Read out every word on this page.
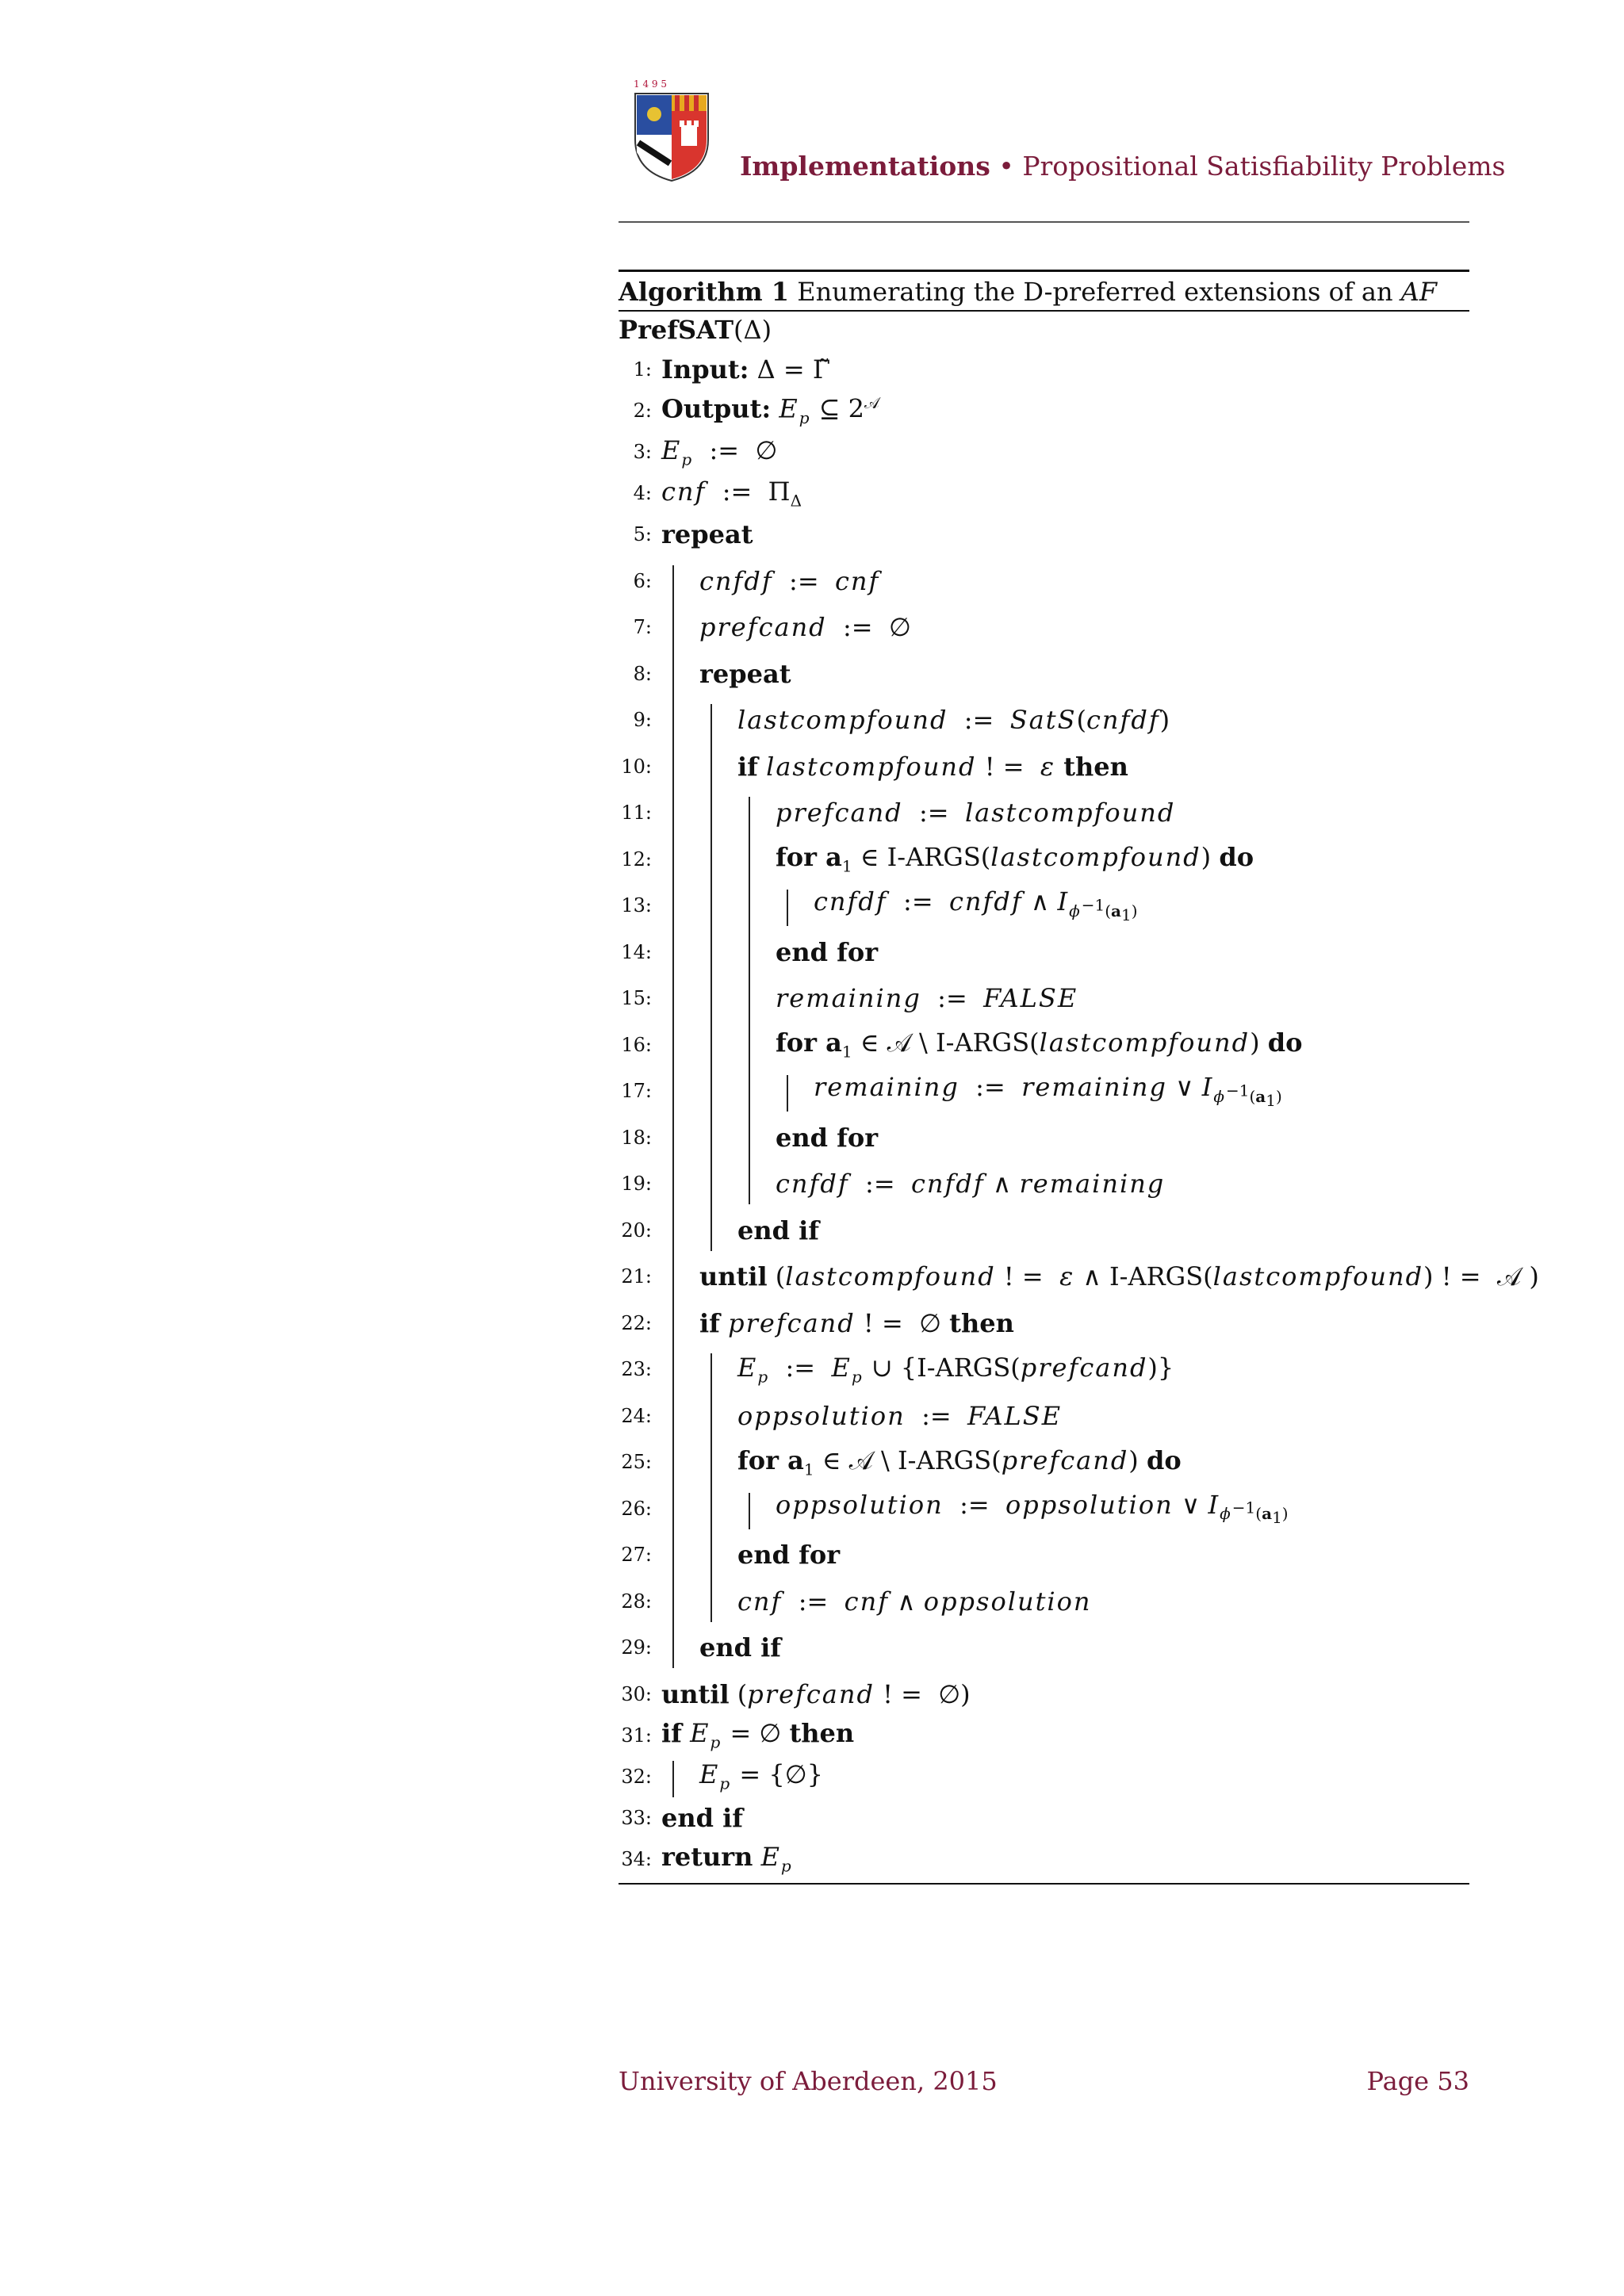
1 4 9 5
Implementations • Propositional Satisfiability Problems
Algorithm 1 Enumerating the D-preferred extensions of an AF
PrefSAT(Δ)
1: Input: Δ = Γ̃
2: Output: $E_p$ ⊆ $2^𝒜$
3: $E_p$  :=  ∅
4: cnf  :=  $\Pi_\Delta$
5: repeat
6: cnfdf  :=  cnf
7: prefcand  :=  ∅
8: repeat
9:	lastcompfound  :=  SatS(cnfdf)
10:	if lastcompfound ! =  ε then
11:	prefcand  :=  lastcompfound
12:	for $a_1$ ∈ I-ARGS(lastcompfound) do
13:	cnfdf  :=  cnfdf ∧ $I_{\phi^{-1}(a_1)}$
14:	end for
15:	remaining  :=  FALSE
16:	for $a_1$ ∈ 𝒜 \ I-ARGS(lastcompfound) do
17:	remaining  :=  remaining ∨ $I_{\phi^{-1}(a_1)}$
18:	end for
19:	cnfdf  :=  cnfdf ∧ remaining
20:	end if
21: until (lastcompfound ! =  ε ∧ I-ARGS(lastcompfound) ! =  𝒜 )
22: if prefcand ! =  ∅ then
23:	$E_p$  :=  $E_p$ ∪ {I-ARGS(prefcand)}
24:	oppsolution  :=  FALSE
25:	for $a_1$ ∈ 𝒜 \ I-ARGS(prefcand) do
26:	oppsolution  :=  oppsolution ∨ $I_{\phi^{-1}(a_1)}$
27:	end for
28:	cnf  :=  cnf ∧ oppsolution
29: end if
30: until (prefcand ! =  ∅)
31: if $E_p$ = ∅ then
32: $E_p$ = {∅}
33: end if
34: return $E_p$
University of Aberdeen, 2015	Page 53
